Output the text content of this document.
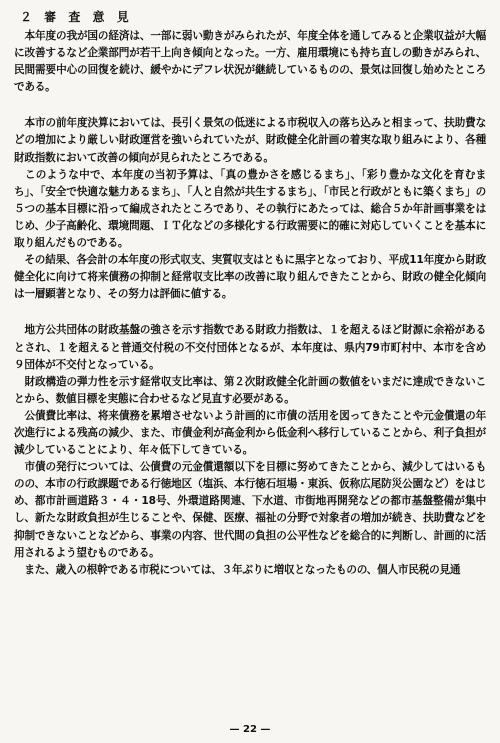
２ 審 査 意 見

　本年度の我が国の経済は、一部に弱い動きがみられたが、年度全体を通してみると企業収益が大幅に改善するなど企業部門が若干上向き傾向となった。一方、雇用環境にも持ち直しの動きがみられ、民間需要中心の回復を続け、緩やかにデフレ状況が継続しているものの、景気は回復し始めたところである。

　本市の前年度決算においては、長引く景気の低迷による市税収入の落ち込みと相まって、扶助費などの増加により厳しい財政運営を強いられていたが、財政健全化計画の着実な取り組みにより、各種財政指数において改善の傾向が見られたところである。

　このような中で、本年度の当初予算は、「真の豊かさを感じるまち」、「彩り豊かな文化を育むまち」、「安全で快適な魅力あるまち」、「人と自然が共生するまち」、「市民と行政がともに築くまち」の５つの基本目標に沿って編成されたところであり、その執行にあたっては、総合５か年計画事業をはじめ、少子高齢化、環境問題、ＩＴ化などの多様化する行政需要に的確に対応していくことを基本に取り組んだものである。

　その結果、各会計の本年度の形式収支、実質収支はともに黒字となっており、平成11年度から財政健全化に向けて将来債務の抑制と経常収支比率の改善に取り組んできたことから、財政の健全化傾向は一層顕著となり、その努力は評価に値する。

　地方公共団体の財政基盤の強さを示す指数である財政力指数は、１を超えるほど財源に余裕があるとされ、１を超えると普通交付税の不交付団体となるが、本年度は、県内79市町村中、本市を含め９団体が不交付となっている。

　財政構造の弾力性を示す経常収支比率は、第２次財政健全化計画の数値をいまだに達成できないことから、数値目標を実態に合わせるなど見直す必要がある。

　公債費比率は、将来債務を累増させないよう計画的に市債の活用を図ってきたことや元金償還の年次進行による残高の減少、また、市債金利が高金利から低金利へ移行していることから、利子負担が減少していることにより、年々低下してきている。

　市債の発行については、公債費の元金償還額以下を目標に努めてきたことから、減少してはいるものの、本市の行政課題である行徳地区（塩浜、本行徳石垣場・東浜、仮称広尾防災公園など）をはじめ、都市計画道路３・４・18号、外環道路関連、下水道、市街地再開発などの都市基盤整備が集中し、新たな財政負担が生じることや、保健、医療、福祉の分野で対象者の増加が続き、扶助費などを抑制できないことなどから、事業の内容、世代間の負担の公平性などを総合的に判断し、計画的に活用されるよう望むものである。

　また、歳入の根幹である市税については、３年ぶりに増収となったものの、個人市民税の見通

— 22 —
